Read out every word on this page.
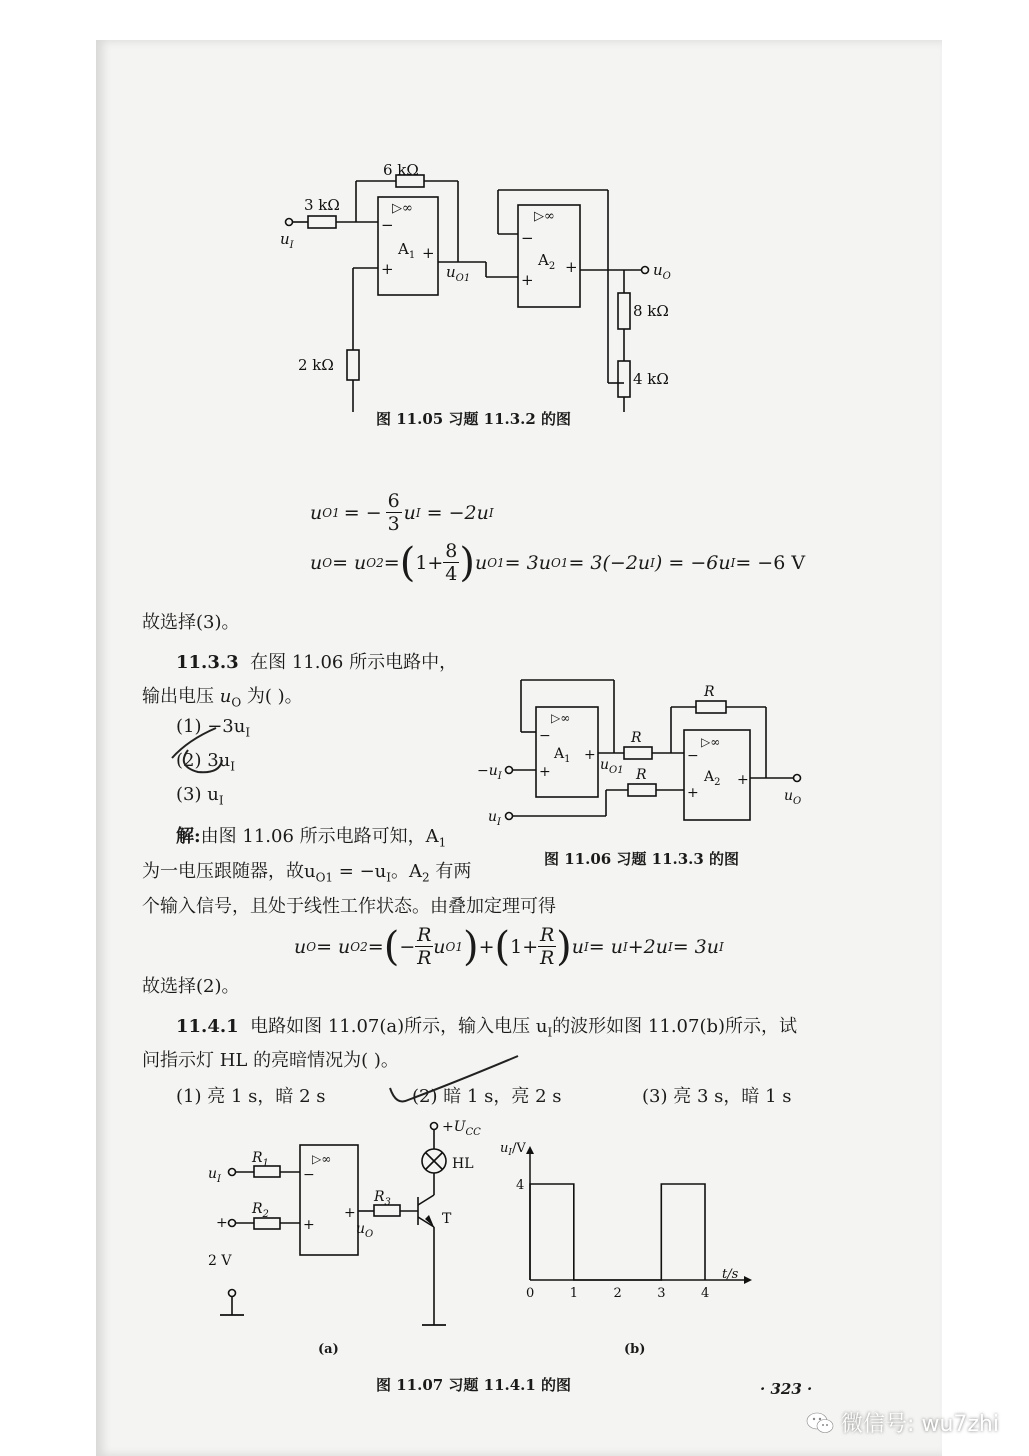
6 kΩ
3 kΩ
2 kΩ
8 kΩ
4 kΩ
▷∞
▷∞
−
+
+
−
+
+
$A_1$	$A_2$
$u_I$
$u_{O1}$	$u_O$
图 11.05 习题 11.3.2 的图
u O1 = − $\frac{6}{3}$ u I = −2u I
u O = u O2 = ( $1+ \frac{8}{4}$ ) u O1 = 3u O1 = 3(−2u I ) = −6u I = −6 V
故选择(3)。
11.3.3 在图 11.06 所示电路中，
输出电压 $u_O$ 为( )。
$(1) -3u_I$
(2) $3u_I$
(3) $u_I$
R
R
R
▷∞
▷∞
−
+
+	−
+
+
$A_1$
$A_2$
$-u_I$
$u_I$
$u_{O1}$
$u_O$
图 11.06 习题 11.3.3 的图
解:由图 11.06 所示电路可知，$A_1$
为一电压跟随器，故$u_{O1} = -u_I$。$A_2$ 有两
个输入信号，且处于线性工作状态。由叠加定理可得
u O = u O2 = ( − $\frac{R}{R}$ u O1 ) + ( $1+ \frac{R}{R}$ ) u I = u I +2u I = 3u I
故选择(2)。
11.4.1 电路如图 11.07(a)所示，输入电压 $u_I$的波形如图 11.07(b)所示，试
问指示灯 HL 的亮暗情况为( )。
(1) 亮 1 s，暗 2 s	(2) 暗 1 s，亮 2 s	(3) 亮 3 s，暗 1 s
$R_1$
$R_2$
$R_3$
$u_I$
+
2 V
$u_O$
▷∞
−
+
+
$+U_{CC}$
HL
T
(a)
$u_I/V$
t/s
0	1	2	3	4
4
(b)
图 11.07 习题 11.4.1 的图	· 323 ·
微信号: wu7zhi
